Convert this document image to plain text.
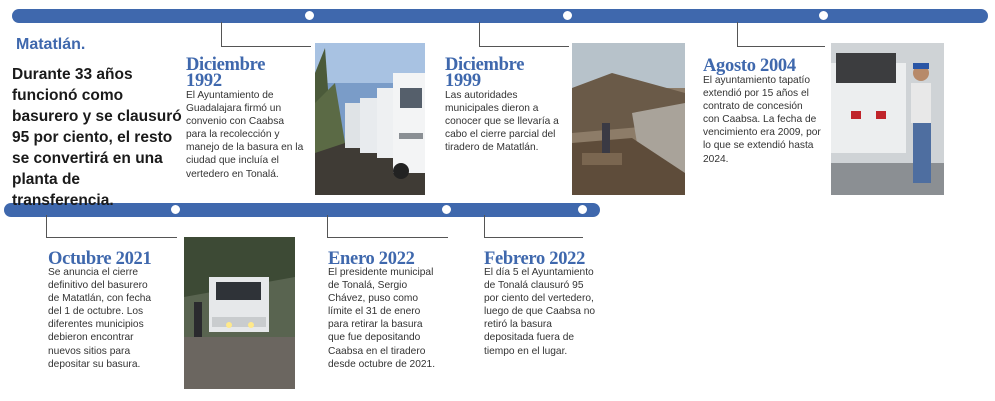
Matatlán.
Durante 33 años funcionó como basurero y se clausuró 95 por ciento, el resto se convertirá en una planta de transferencia.
Diciembre 1992
El Ayuntamiento de Guadalajara firmó un convenio con Caabsa para la recolección y manejo de la basura en la ciudad que incluía el vertedero en Tonalá.
Diciembre 1999
Las autoridades municipales dieron a conocer que se llevaría a cabo el cierre parcial del tiradero de Matatlán.
Agosto 2004
El ayuntamiento tapatío extendió por 15 años el contrato de concesión con Caabsa. La fecha de vencimiento era 2009, por lo que se extendió hasta 2024.
Octubre 2021
Se anuncia el cierre definitivo del basurero de Matatlán, con fecha del 1 de octubre. Los diferentes municipios debieron encontrar nuevos sitios para depositar su basura.
Enero 2022
El presidente municipal de Tonalá, Sergio Chávez, puso como límite el 31 de enero para retirar la basura que fue depositando Caabsa en el tiradero desde octubre de 2021.
Febrero 2022
El día 5 el Ayuntamiento de Tonalá clausuró 95 por ciento del vertedero, luego de que Caabsa no retiró la basura depositada fuera de tiempo en el lugar.
